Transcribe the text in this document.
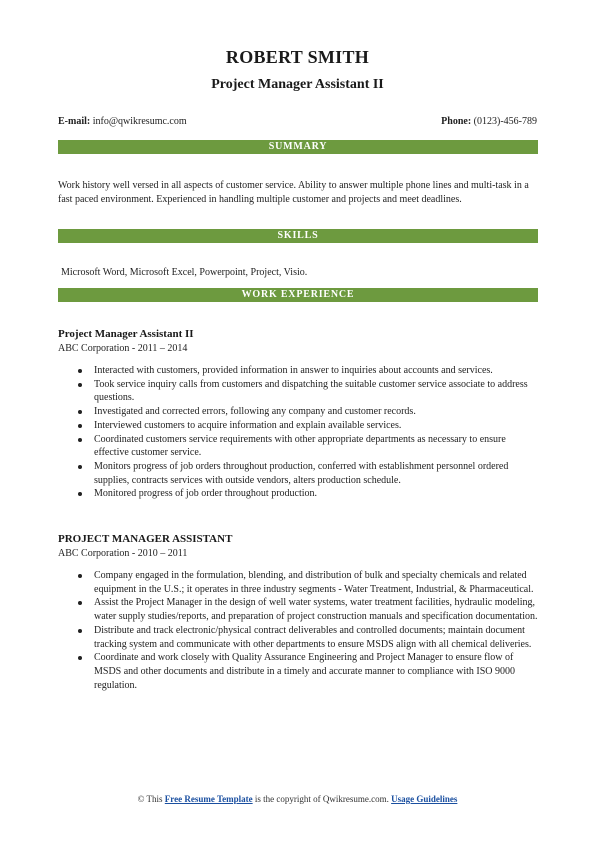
ROBERT SMITH
Project Manager Assistant II
E-mail: info@qwikresumc.com	Phone: (0123)-456-789
SUMMARY
Work history well versed in all aspects of customer service. Ability to answer multiple phone lines and multi-task in a fast paced environment. Experienced in handling multiple customer and projects and meet deadlines.
SKILLS
Microsoft Word, Microsoft Excel, Powerpoint, Project, Visio.
WORK EXPERIENCE
Project Manager Assistant II
ABC Corporation - 2011 – 2014
Interacted with customers, provided information in answer to inquiries about accounts and services.
Took service inquiry calls from customers and dispatching the suitable customer service associate to address questions.
Investigated and corrected errors, following any company and customer records.
Interviewed customers to acquire information and explain available services.
Coordinated customers service requirements with other appropriate departments as necessary to ensure effective customer service.
Monitors progress of job orders throughout production, conferred with establishment personnel ordered supplies, contracts services with outside vendors, alters production schedule.
Monitored progress of job order throughout production.
PROJECT MANAGER ASSISTANT
ABC Corporation - 2010 – 2011
Company engaged in the formulation, blending, and distribution of bulk and specialty chemicals and related equipment in the U.S.; it operates in three industry segments - Water Treatment, Industrial, & Pharmaceutical.
Assist the Project Manager in the design of well water systems, water treatment facilities, hydraulic modeling, water supply studies/reports, and preparation of project construction manuals and specification documentation.
Distribute and track electronic/physical contract deliverables and controlled documents; maintain document tracking system and communicate with other departments to ensure MSDS align with all chemical deliveries.
Coordinate and work closely with Quality Assurance Engineering and Project Manager to ensure flow of MSDS and other documents and distribute in a timely and accurate manner to compliance with ISO 9000 regulation.
© This Free Resume Template is the copyright of Qwikresume.com. Usage Guidelines
